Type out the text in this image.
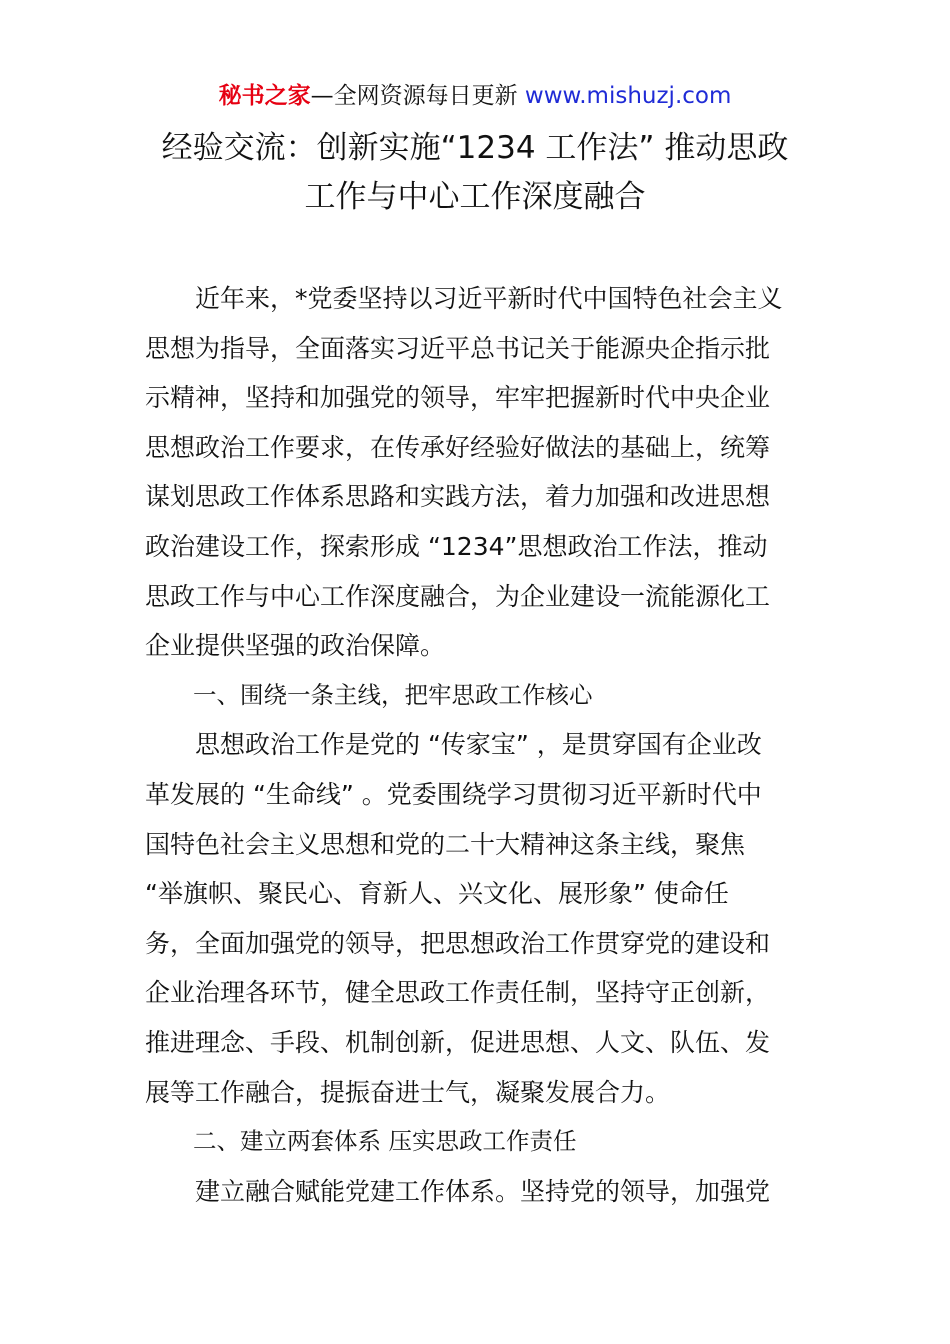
秘书之家—全网资源每日更新 www.mishuzj.com
经验交流：创新实施“1234 工作法” 推动思政
工作与中心工作深度融合
近年来，*党委坚持以习近平新时代中国特色社会主义
思想为指导，全面落实习近平总书记关于能源央企指示批
示精神，坚持和加强党的领导，牢牢把握新时代中央企业
思想政治工作要求，在传承好经验好做法的基础上，统筹
谋划思政工作体系思路和实践方法，着力加强和改进思想
政治建设工作，探索形成 “1234”思想政治工作法，推动
思政工作与中心工作深度融合，为企业建设一流能源化工
企业提供坚强的政治保障。
一、围绕一条主线，把牢思政工作核心
思想政治工作是党的 “传家宝” ，是贯穿国有企业改
革发展的 “生命线” 。党委围绕学习贯彻习近平新时代中
国特色社会主义思想和党的二十大精神这条主线，聚焦
“举旗帜、聚民心、育新人、兴文化、展形象” 使命任
务，全面加强党的领导，把思想政治工作贯穿党的建设和
企业治理各环节，健全思政工作责任制，坚持守正创新，
推进理念、手段、机制创新，促进思想、人文、队伍、发
展等工作融合，提振奋进士气，凝聚发展合力。
二、建立两套体系 压实思政工作责任
建立融合赋能党建工作体系。坚持党的领导，加强党
